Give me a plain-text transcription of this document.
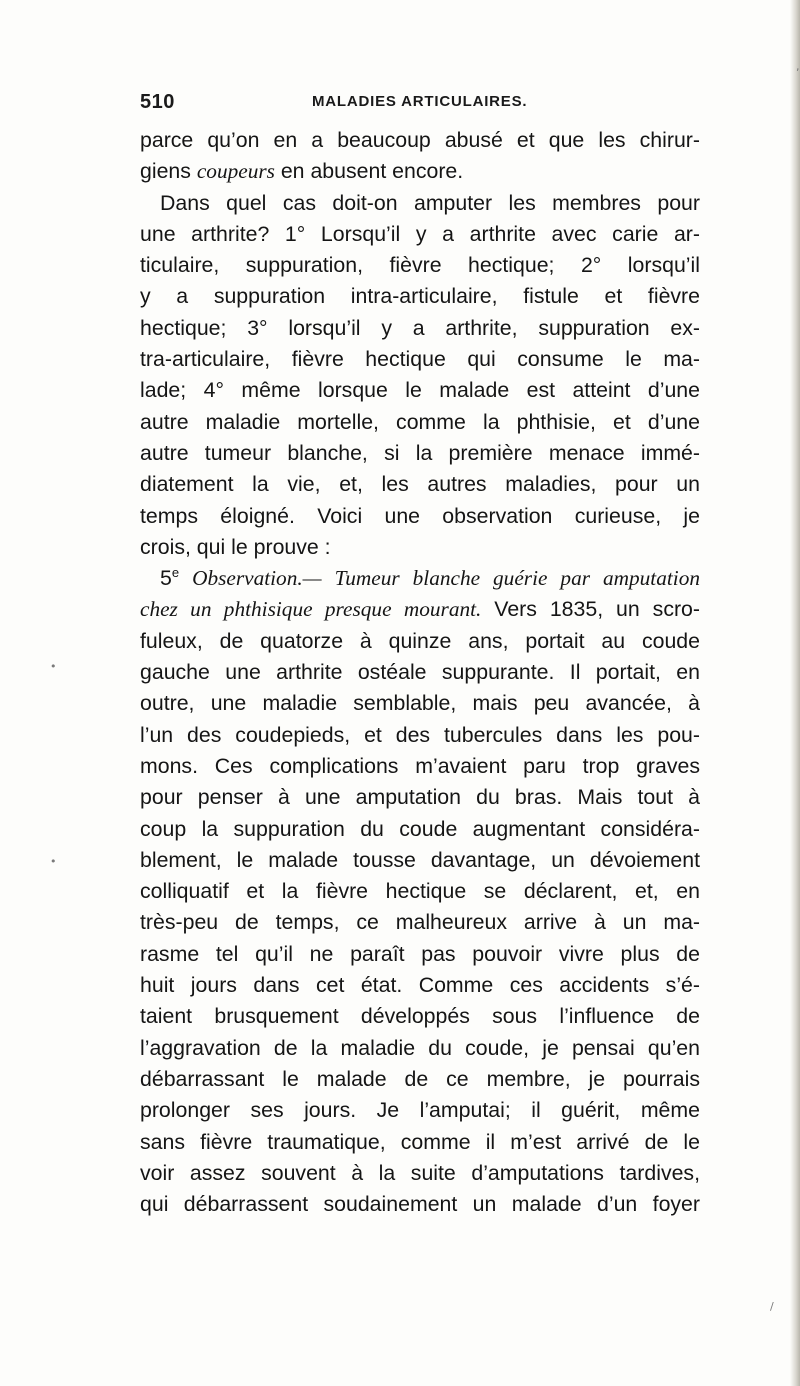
510	MALADIES ARTICULAIRES.
parce qu’on en a beaucoup abusé et que les chirur-
giens coupeurs en abusent encore.
Dans quel cas doit-on amputer les membres pour
une arthrite? 1° Lorsqu’il y a arthrite avec carie ar-
ticulaire, suppuration, fièvre hectique; 2° lorsqu’il
y a suppuration intra-articulaire, fistule et fièvre
hectique; 3° lorsqu’il y a arthrite, suppuration ex-
tra-articulaire, fièvre hectique qui consume le ma-
lade; 4° même lorsque le malade est atteint d’une
autre maladie mortelle, comme la phthisie, et d’une
autre tumeur blanche, si la première menace immé-
diatement la vie, et, les autres maladies, pour un
temps éloigné. Voici une observation curieuse, je
crois, qui le prouve :
5e Observation.— Tumeur blanche guérie par amputation
chez un phthisique presque mourant. Vers 1835, un scro-
fuleux, de quatorze à quinze ans, portait au coude
gauche une arthrite ostéale suppurante. Il portait, en
outre, une maladie semblable, mais peu avancée, à
l’un des coudepieds, et des tubercules dans les pou-
mons. Ces complications m’avaient paru trop graves
pour penser à une amputation du bras. Mais tout à
coup la suppuration du coude augmentant considéra-
blement, le malade tousse davantage, un dévoiement
colliquatif et la fièvre hectique se déclarent, et, en
très-peu de temps, ce malheureux arrive à un ma-
rasme tel qu’il ne paraît pas pouvoir vivre plus de
huit jours dans cet état. Comme ces accidents s’é-
taient brusquement développés sous l’influence de
l’aggravation de la maladie du coude, je pensai qu’en
débarrassant le malade de ce membre, je pourrais
prolonger ses jours. Je l’amputai; il guérit, même
sans fièvre traumatique, comme il m’est arrivé de le
voir assez souvent à la suite d’amputations tardives,
qui débarrassent soudainement un malade d’un foyer
,
•
•
/
